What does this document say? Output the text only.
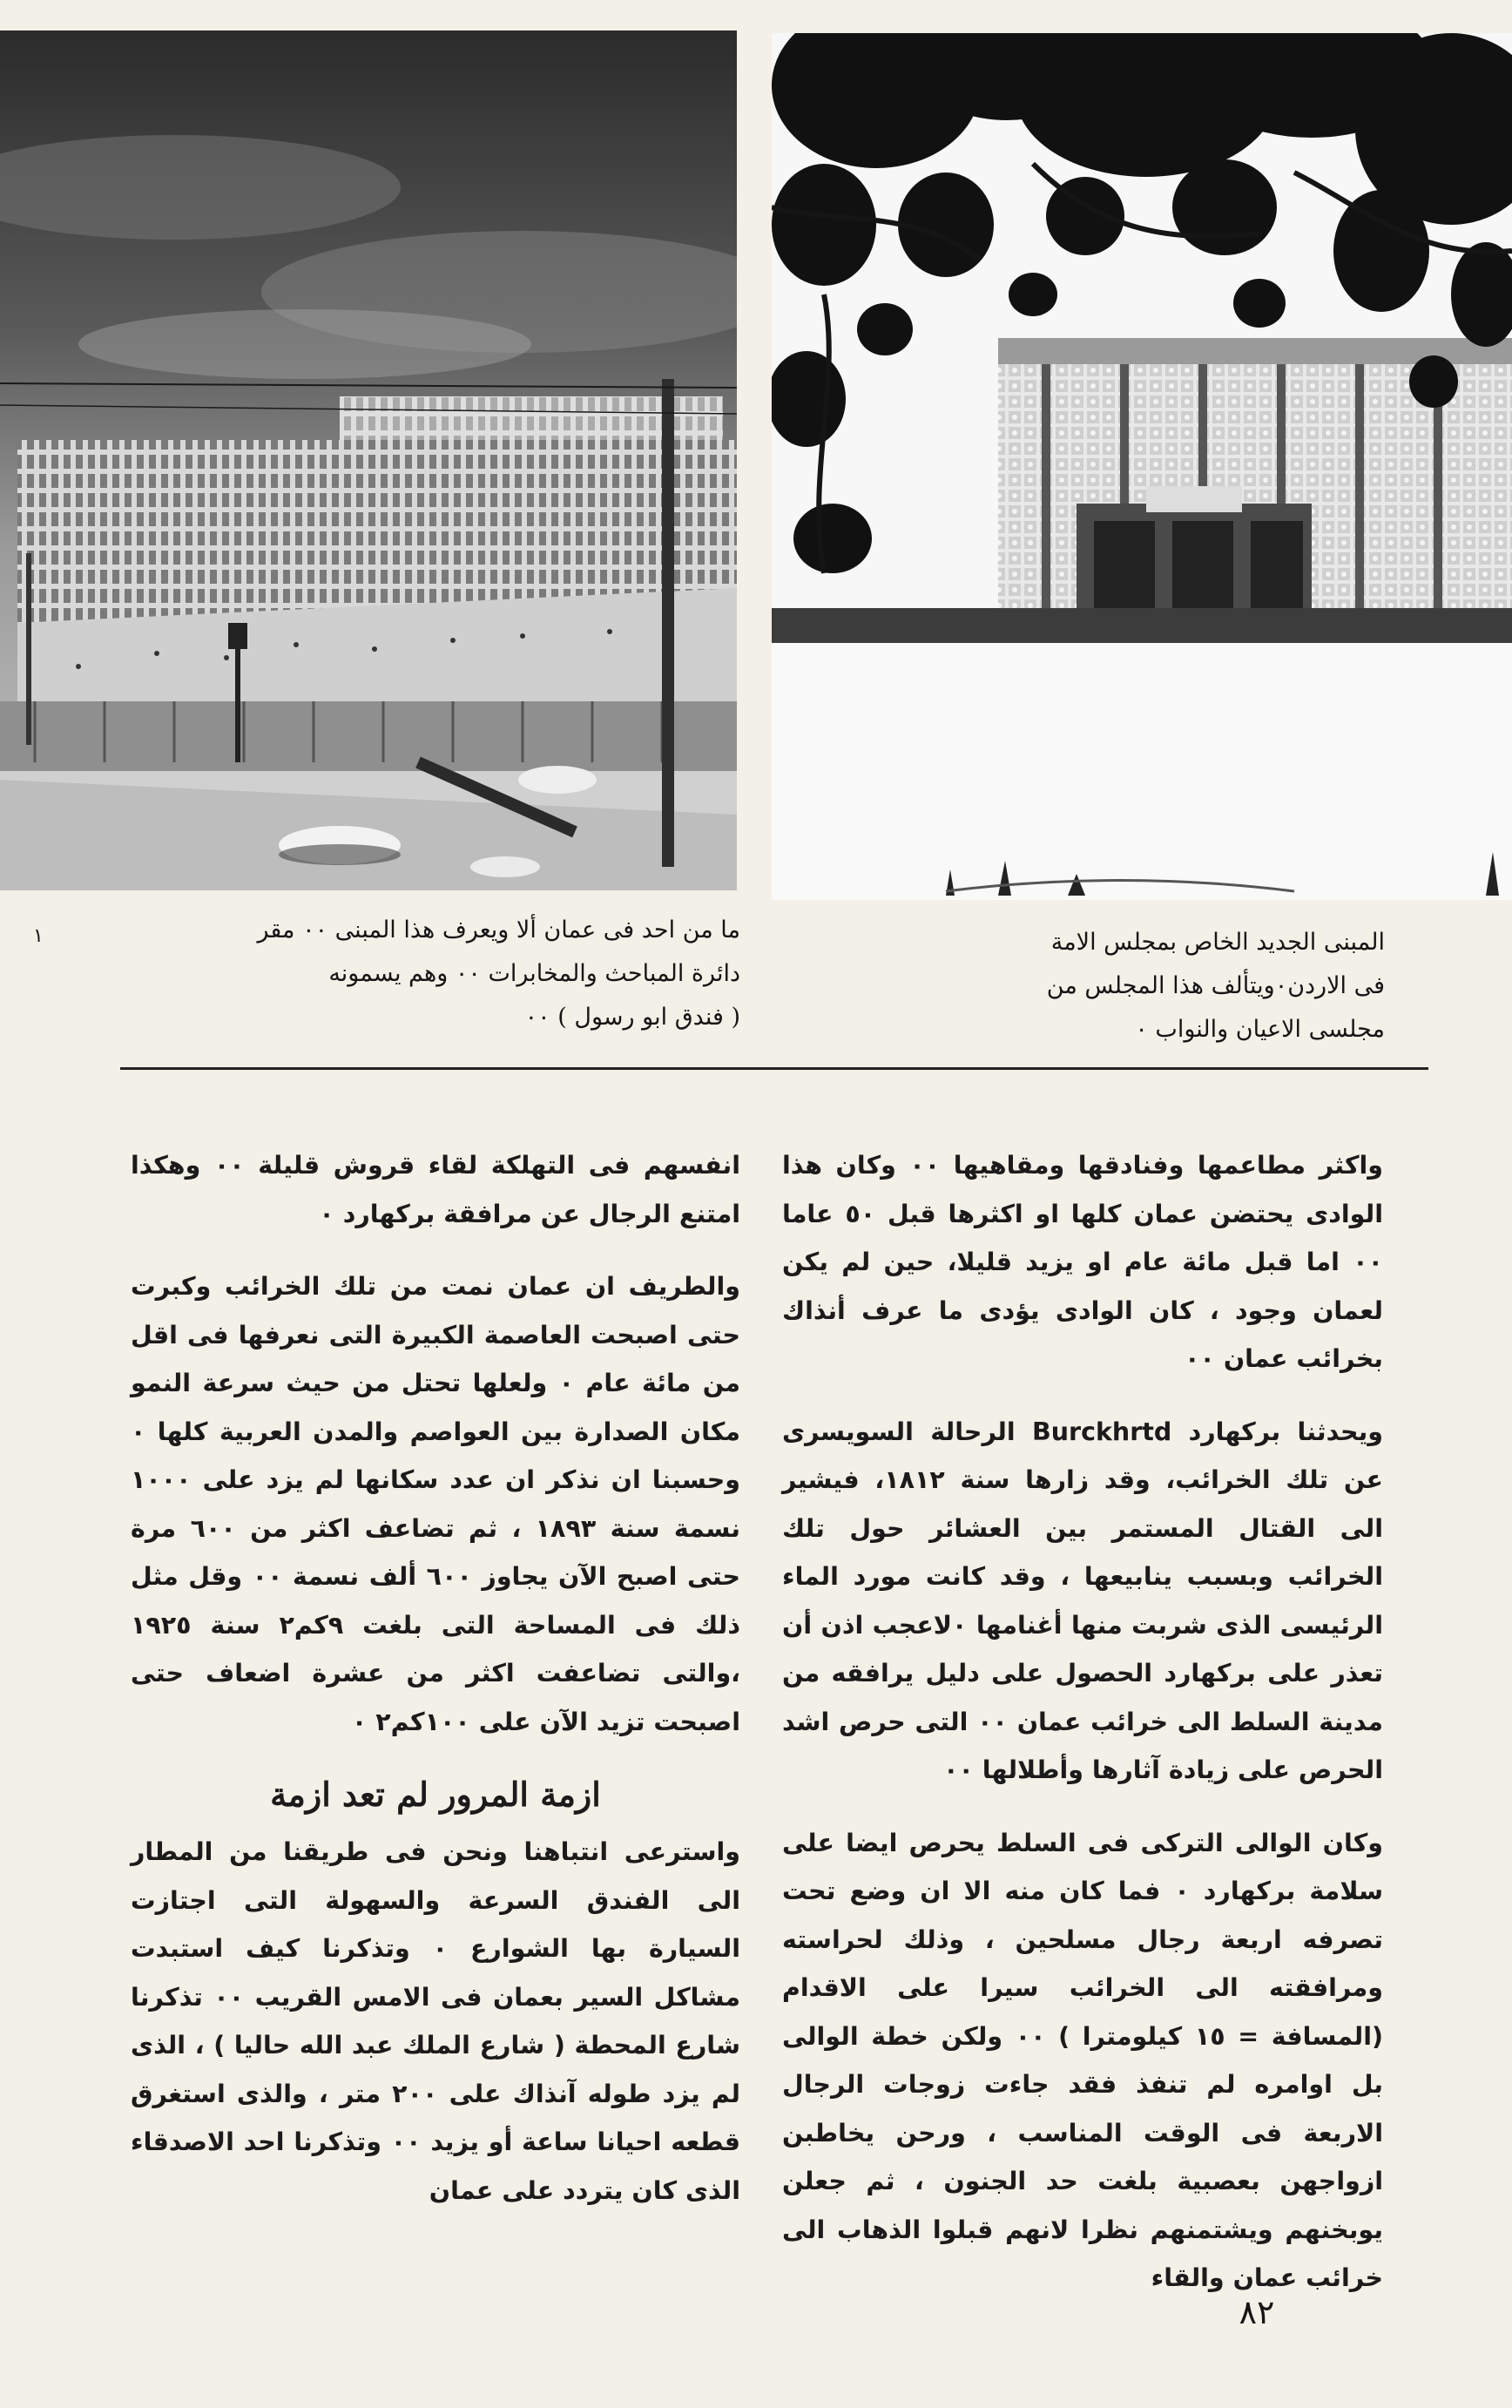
ما من احد فى عمان ألا ويعرف هذا المبنى ٠٠ مقر
دائرة المباحث والمخابرات ٠٠ وهم يسمونه
( فندق ابو رسول ) ٠٠
١	المبنى الجديد الخاص بمجلس الامة
فى الاردن٠ويتألف هذا المجلس من
مجلسى الاعيان والنواب ٠

واكثر مطاعمها وفنادقها ومقاهيها ٠٠ وكان هذا الوادى يحتضن عمان كلها او اكثرها قبل ٥٠ عاما ٠٠ اما قبل مائة عام او يزيد قليلا، حين لم يكن لعمان وجود ، كان الوادى يؤدى ما عرف أنذاك بخرائب عمان ٠٠

ويحدثنا بركهارد Burckhrtd الرحالة السويسرى عن تلك الخرائب، وقد زارها سنة ١٨١٢، فيشير الى القتال المستمر بين العشائر حول تلك الخرائب وبسبب ينابيعها ، وقد كانت مورد الماء الرئيسى الذى شربت منها أغنامها ٠لاعجب اذن أن تعذر على بركهارد الحصول على دليل يرافقه من مدينة السلط الى خرائب عمان ٠٠ التى حرص اشد الحرص على زيادة آثارها وأطلالها ٠٠

وكان الوالى التركى فى السلط يحرص ايضا على سلامة بركهارد ٠ فما كان منه الا ان وضع تحت تصرفه اربعة رجال مسلحين ، وذلك لحراسته ومرافقته الى الخرائب سيرا على الاقدام (المسافة = ١٥ كيلومترا ) ٠٠ ولكن خطة الوالى بل اوامره لم تنفذ فقد جاءت زوجات الرجال الاربعة فى الوقت المناسب ، ورحن يخاطبن ازواجهن بعصبية بلغت حد الجنون ، ثم جعلن يوبخنهم ويشتمنهم نظرا لانهم قبلوا الذهاب الى خرائب عمان والقاء

انفسهم فى التهلكة لقاء قروش قليلة ٠٠ وهكذا امتنع الرجال عن مرافقة بركهارد ٠

والطريف ان عمان نمت من تلك الخرائب وكبرت حتى اصبحت العاصمة الكبيرة التى نعرفها فى اقل من مائة عام ٠ ولعلها تحتل من حيث سرعة النمو مكان الصدارة بين العواصم والمدن العربية كلها ٠ وحسبنا ان نذكر ان عدد سكانها لم يزد على ١٠٠٠ نسمة سنة ١٨٩٣ ، ثم تضاعف اكثر من ٦٠٠ مرة حتى اصبح الآن يجاوز ٦٠٠ ألف نسمة ٠٠ وقل مثل ذلك فى المساحة التى بلغت ٩كم٢ سنة ١٩٢٥ ،والتى تضاعفت اكثر من عشرة اضعاف حتى اصبحت تزيد الآن على ١٠٠كم٢ ٠

ازمة المرور لم تعد ازمة

واسترعى انتباهنا ونحن فى طريقنا من المطار الى الفندق السرعة والسهولة التى اجتازت السيارة بها الشوارع ٠ وتذكرنا كيف استبدت مشاكل السير بعمان فى الامس القريب ٠٠ تذكرنا شارع المحطة ( شارع الملك عبد الله حاليا ) ، الذى لم يزد طوله آنذاك على ٢٠٠ متر ، والذى استغرق قطعه احيانا ساعة أو يزيد ٠٠ وتذكرنا احد الاصدقاء الذى كان يتردد على عمان

٨٢
